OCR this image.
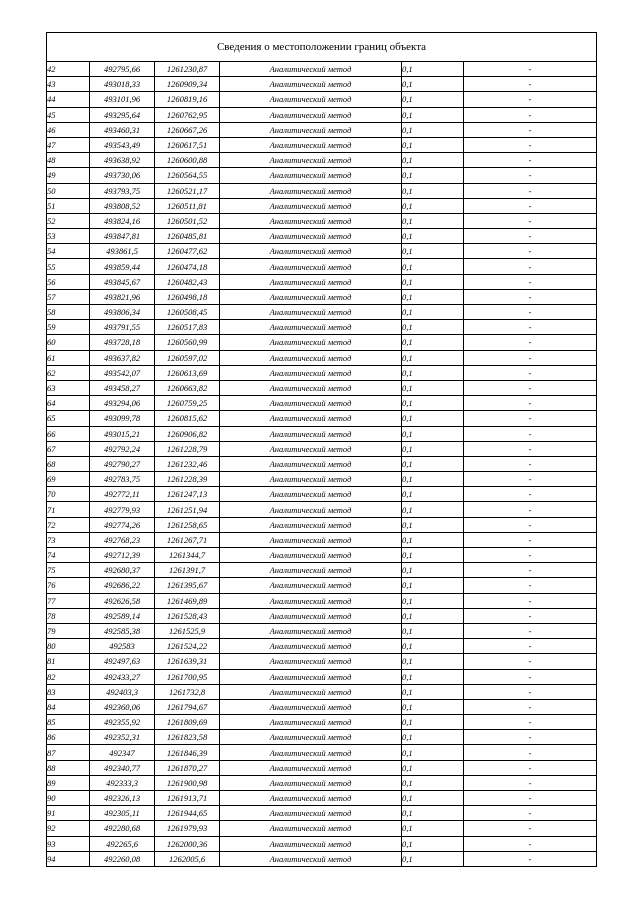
Сведения о местоположении границ объекта					
42	492795,66	1261230,87	Аналитический метод	0,1	-
43	493018,33	1260909,34	Аналитический метод	0,1	-
44	493101,96	1260819,16	Аналитический метод	0,1	-
45	493295,64	1260762,95	Аналитический метод	0,1	-
46	493460,31	1260667,26	Аналитический метод	0,1	-
47	493543,49	1260617,51	Аналитический метод	0,1	-
48	493638,92	1260600,88	Аналитический метод	0,1	-
49	493730,06	1260564,55	Аналитический метод	0,1	-
50	493793,75	1260521,17	Аналитический метод	0,1	-
51	493808,52	1260511,81	Аналитический метод	0,1	-
52	493824,16	1260501,52	Аналитический метод	0,1	-
53	493847,81	1260485,81	Аналитический метод	0,1	-
54	493861,5	1260477,62	Аналитический метод	0,1	-
55	493859,44	1260474,18	Аналитический метод	0,1	-
56	493845,67	1260482,43	Аналитический метод	0,1	-
57	493821,96	1260498,18	Аналитический метод	0,1	-
58	493806,34	1260508,45	Аналитический метод	0,1	-
59	493791,55	1260517,83	Аналитический метод	0,1	-
60	493728,18	1260560,99	Аналитический метод	0,1	-
61	493637,82	1260597,02	Аналитический метод	0,1	-
62	493542,07	1260613,69	Аналитический метод	0,1	-
63	493458,27	1260663,82	Аналитический метод	0,1	-
64	493294,06	1260759,25	Аналитический метод	0,1	-
65	493099,78	1260815,62	Аналитический метод	0,1	-
66	493015,21	1260906,82	Аналитический метод	0,1	-
67	492792,24	1261228,79	Аналитический метод	0,1	-
68	492790,27	1261232,46	Аналитический метод	0,1	-
69	492783,75	1261228,39	Аналитический метод	0,1	-
70	492772,11	1261247,13	Аналитический метод	0,1	-
71	492779,93	1261251,94	Аналитический метод	0,1	-
72	492774,26	1261258,65	Аналитический метод	0,1	-
73	492768,23	1261267,71	Аналитический метод	0,1	-
74	492712,39	1261344,7	Аналитический метод	0,1	-
75	492680,37	1261391,7	Аналитический метод	0,1	-
76	492686,22	1261395,67	Аналитический метод	0,1	-
77	492626,58	1261469,89	Аналитический метод	0,1	-
78	492589,14	1261528,43	Аналитический метод	0,1	-
79	492585,38	1261525,9	Аналитический метод	0,1	-
80	492583	1261524,22	Аналитический метод	0,1	-
81	492497,63	1261639,31	Аналитический метод	0,1	-
82	492433,27	1261700,95	Аналитический метод	0,1	-
83	492403,3	1261732,8	Аналитический метод	0,1	-
84	492360,06	1261794,67	Аналитический метод	0,1	-
85	492355,92	1261809,69	Аналитический метод	0,1	-
86	492352,31	1261823,58	Аналитический метод	0,1	-
87	492347	1261846,39	Аналитический метод	0,1	-
88	492340,77	1261870,27	Аналитический метод	0,1	-
89	492333,3	1261900,98	Аналитический метод	0,1	-
90	492326,13	1261913,71	Аналитический метод	0,1	-
91	492305,11	1261944,65	Аналитический метод	0,1	-
92	492280,68	1261979,93	Аналитический метод	0,1	-
93	492265,6	1262000,36	Аналитический метод	0,1	-
94	492260,08	1262005,6	Аналитический метод	0,1	-
